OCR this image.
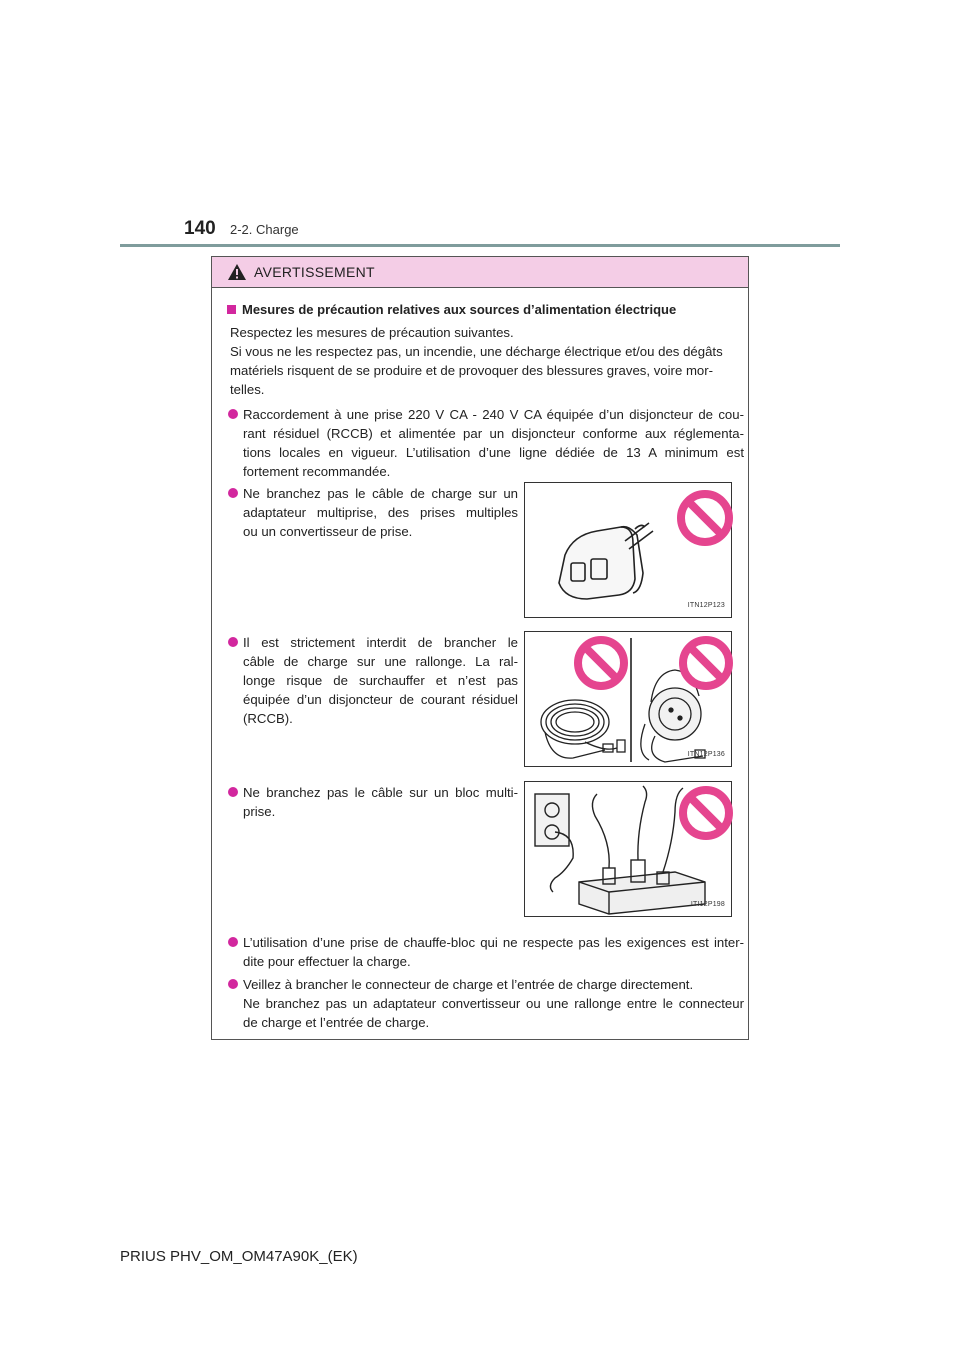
140 2-2. Charge
AVERTISSEMENT
Mesures de précaution relatives aux sources d’alimentation électrique
Respectez les mesures de précaution suivantes.
Si vous ne les respectez pas, un incendie, une décharge électrique et/ou des dégâts
matériels risquent de se produire et de provoquer des blessures graves, voire mor-
telles.
Raccordement à une prise 220 V CA - 240 V CA équipée d’un disjoncteur de cou-
rant résiduel (RCCB) et alimentée par un disjoncteur conforme aux réglementa-
tions locales en vigueur. L’utilisation d’une ligne dédiée de 13 A minimum est
fortement recommandée.
Ne branchez pas le câble de charge sur un
adaptateur multiprise, des prises multiples
ou un convertisseur de prise.
ITN12P123
Il est strictement interdit de brancher le
câble de charge sur une rallonge. La ral-
longe risque de surchauffer et n’est pas
équipée d’un disjoncteur de courant résiduel
(RCCB).
ITN12P136
Ne branchez pas le câble sur un bloc multi-
prise.
ITI12P198
L’utilisation d’une prise de chauffe-bloc qui ne respecte pas les exigences est inter-
dite pour effectuer la charge.
Veillez à brancher le connecteur de charge et l’entrée de charge directement.
Ne branchez pas un adaptateur convertisseur ou une rallonge entre le connecteur
de charge et l’entrée de charge.
PRIUS PHV_OM_OM47A90K_(EK)
